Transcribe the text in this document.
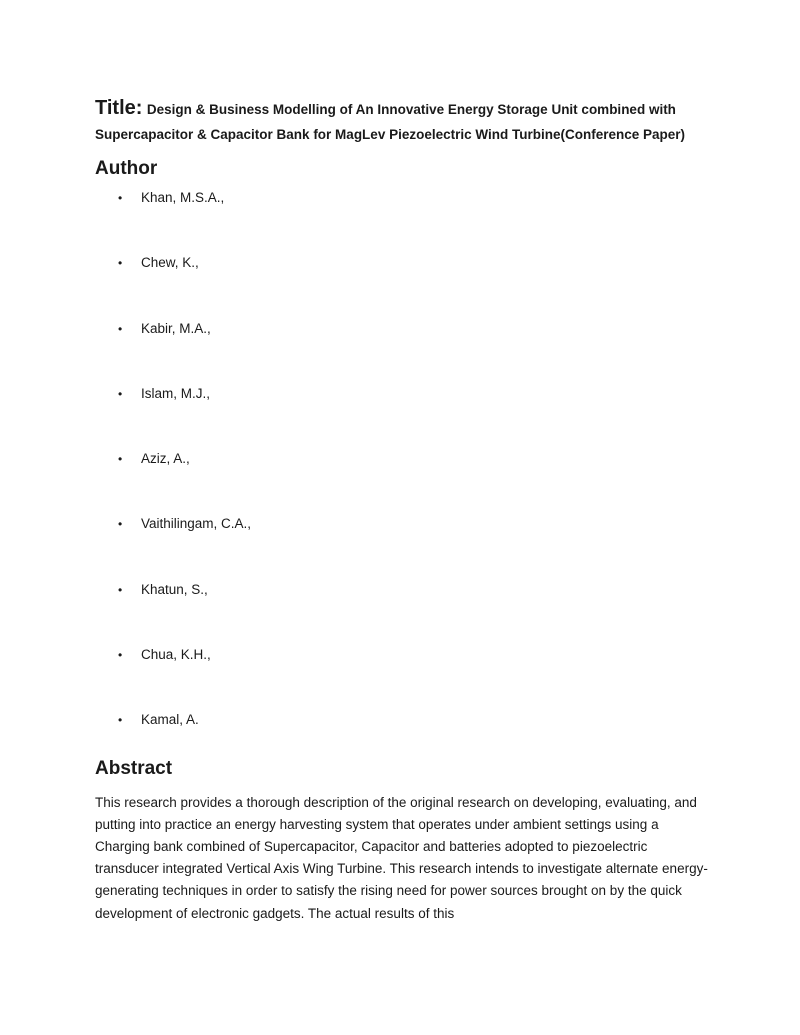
Title: Design & Business Modelling of An Innovative Energy Storage Unit combined with Supercapacitor & Capacitor Bank for MagLev Piezoelectric Wind Turbine(Conference Paper)
Author
• Khan, M.S.A.,
• Chew, K.,
• Kabir, M.A.,
• Islam, M.J.,
• Aziz, A.,
• Vaithilingam, C.A.,
• Khatun, S.,
• Chua, K.H.,
• Kamal, A.
Abstract

This research provides a thorough description of the original research on developing, evaluating, and putting into practice an energy harvesting system that operates under ambient settings using a Charging bank combined of Supercapacitor, Capacitor and batteries adopted to piezoelectric transducer integrated Vertical Axis Wing Turbine. This research intends to investigate alternate energy-generating techniques in order to satisfy the rising need for power sources brought on by the quick development of electronic gadgets. The actual results of this
